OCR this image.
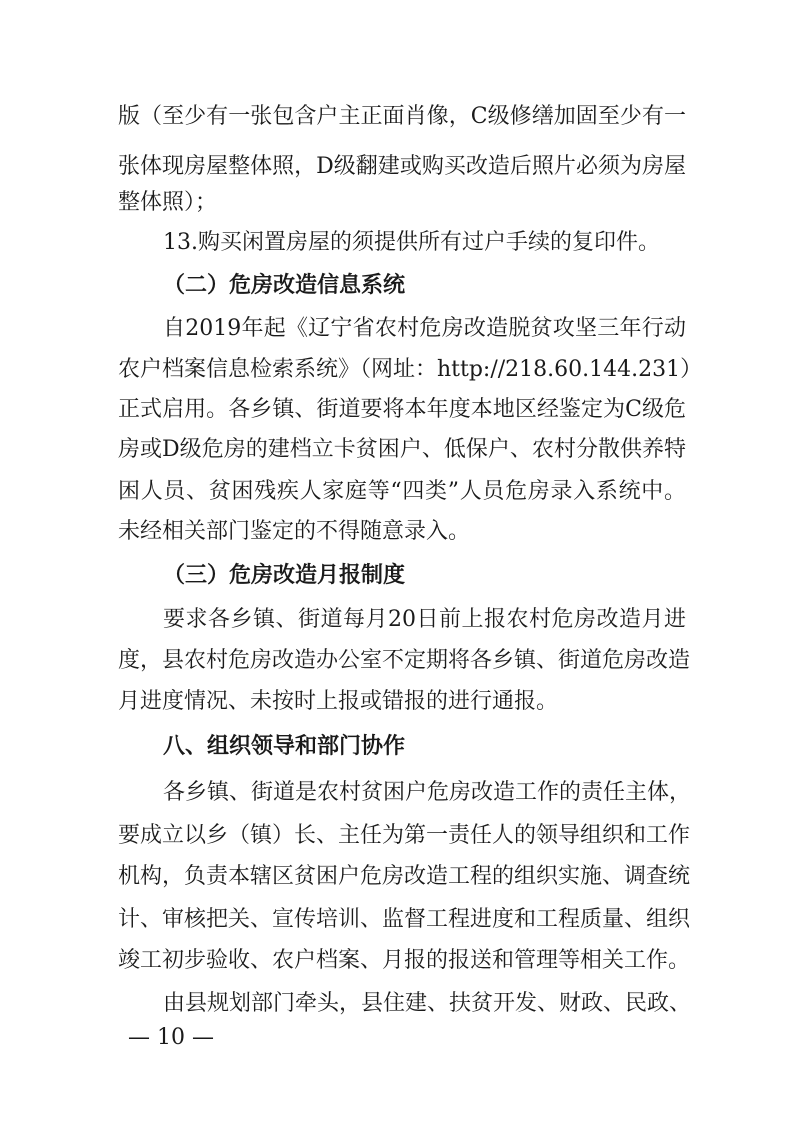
版（至少有一张包含户主正面肖像，C级修缮加固至少有一
张体现房屋整体照，D级翻建或购买改造后照片必须为房屋
整体照）；
13.购买闲置房屋的须提供所有过户手续的复印件。
（二）危房改造信息系统
自2019年起《辽宁省农村危房改造脱贫攻坚三年行动
农户档案信息检索系统》（网址：http://218.60.144.231）
正式启用。各乡镇、街道要将本年度本地区经鉴定为C级危
房或D级危房的建档立卡贫困户、低保户、农村分散供养特
困人员、贫困残疾人家庭等“四类”人员危房录入系统中。
未经相关部门鉴定的不得随意录入。
（三）危房改造月报制度
要求各乡镇、街道每月20日前上报农村危房改造月进
度，县农村危房改造办公室不定期将各乡镇、街道危房改造
月进度情况、未按时上报或错报的进行通报。
八、组织领导和部门协作
各乡镇、街道是农村贫困户危房改造工作的责任主体，
要成立以乡（镇）长、主任为第一责任人的领导组织和工作
机构，负责本辖区贫困户危房改造工程的组织实施、调查统
计、审核把关、宣传培训、监督工程进度和工程质量、组织
竣工初步验收、农户档案、月报的报送和管理等相关工作。
由县规划部门牵头，县住建、扶贫开发、财政、民政、
— 10 —
